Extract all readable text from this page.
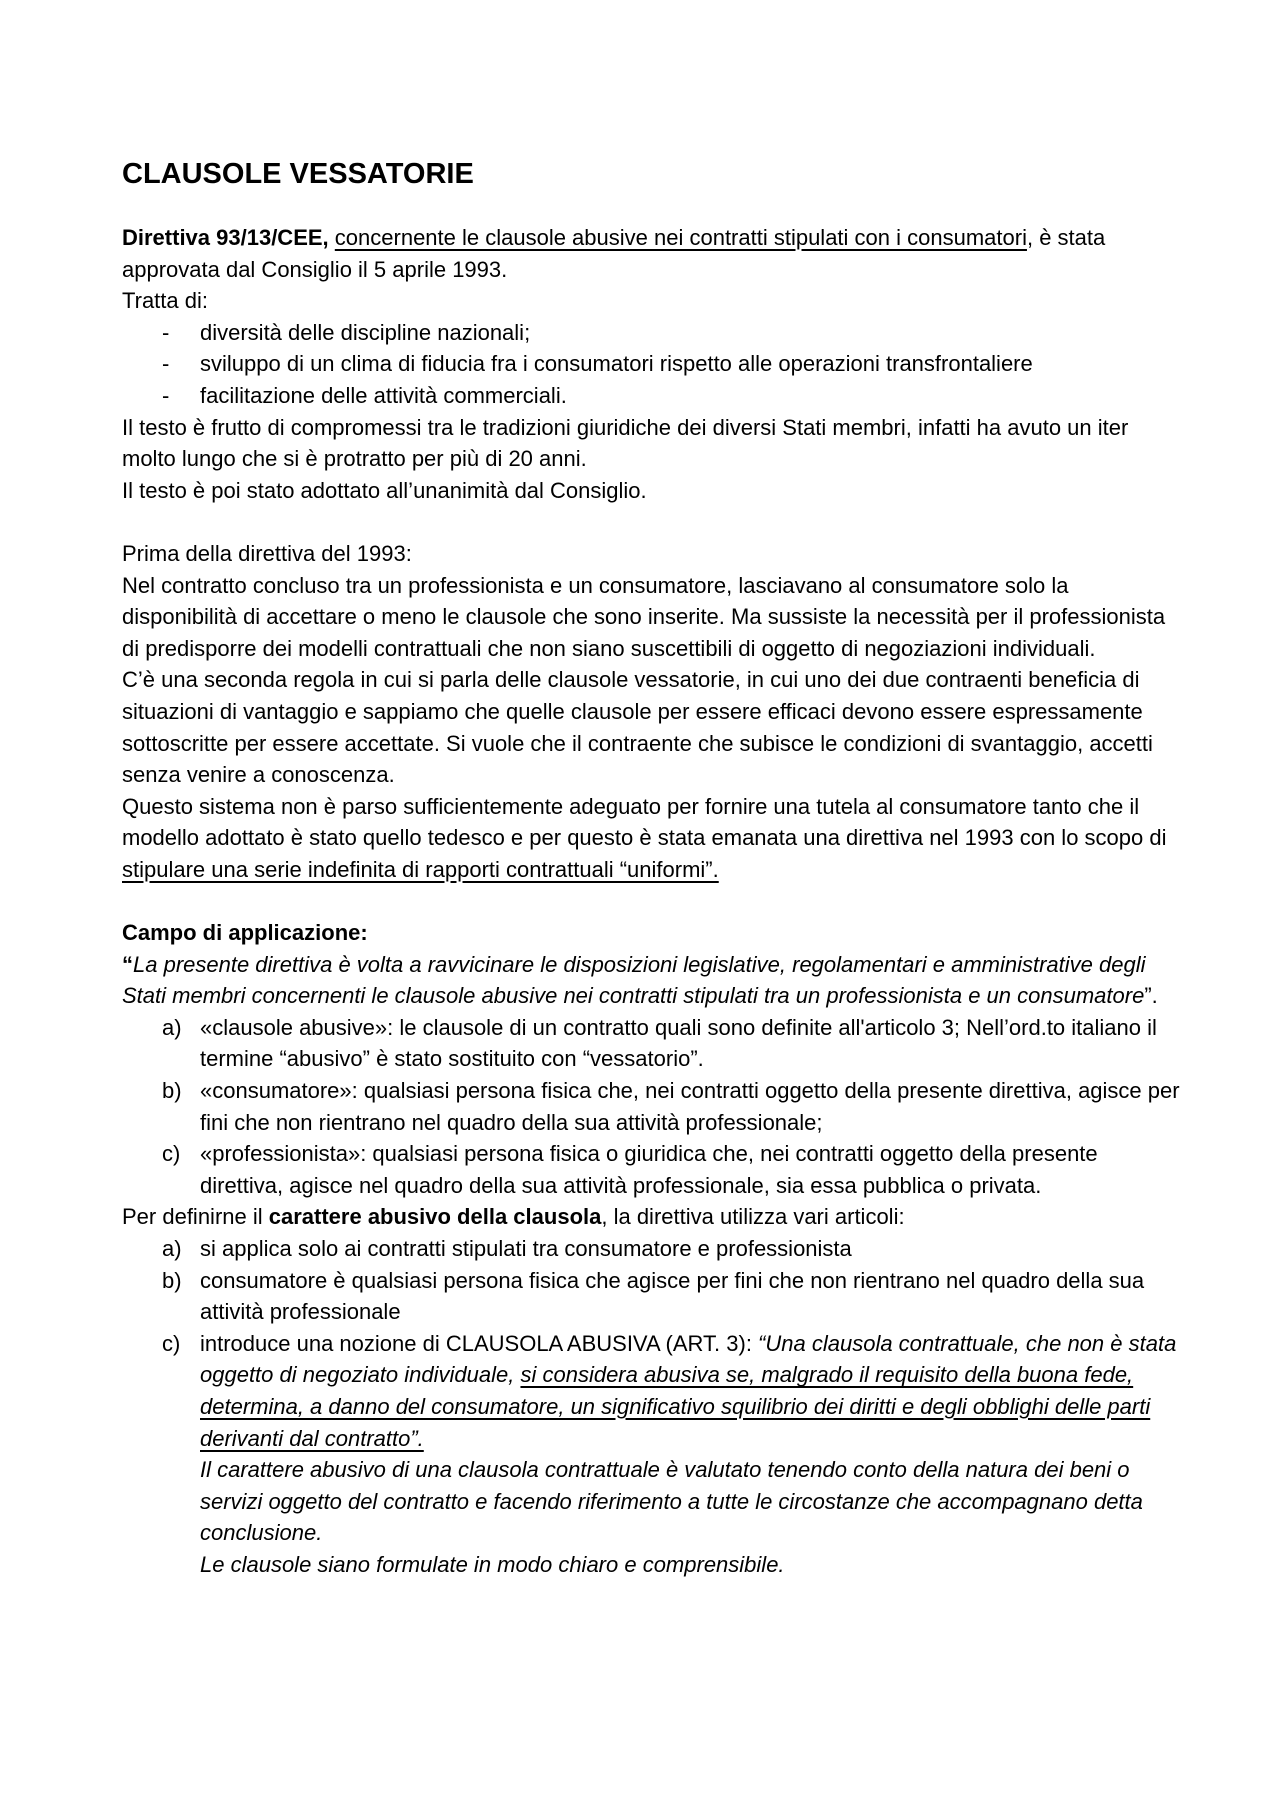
CLAUSOLE VESSATORIE

Direttiva 93/13/CEE, concernente le clausole abusive nei contratti stipulati con i consumatori, è stata approvata dal Consiglio il 5 aprile 1993.

Tratta di:

- diversità delle discipline nazionali;
- sviluppo di un clima di fiducia fra i consumatori rispetto alle operazioni transfrontaliere
- facilitazione delle attività commerciali.

Il testo è frutto di compromessi tra le tradizioni giuridiche dei diversi Stati membri, infatti ha avuto un iter molto lungo che si è protratto per più di 20 anni.

Il testo è poi stato adottato all’unanimità dal Consiglio.

Prima della direttiva del 1993:

Nel contratto concluso tra un professionista e un consumatore, lasciavano al consumatore solo la disponibilità di accettare o meno le clausole che sono inserite. Ma sussiste la necessità per il professionista di predisporre dei modelli contrattuali che non siano suscettibili di oggetto di negoziazioni individuali.

C’è una seconda regola in cui si parla delle clausole vessatorie, in cui uno dei due contraenti beneficia di situazioni di vantaggio e sappiamo che quelle clausole per essere efficaci devono essere espressamente sottoscritte per essere accettate. Si vuole che il contraente che subisce le condizioni di svantaggio, accetti senza venire a conoscenza.

Questo sistema non è parso sufficientemente adeguato per fornire una tutela al consumatore tanto che il modello adottato è stato quello tedesco e per questo è stata emanata una direttiva nel 1993 con lo scopo di stipulare una serie indefinita di rapporti contrattuali “uniformi”.

Campo di applicazione:

“La presente direttiva è volta a ravvicinare le disposizioni legislative, regolamentari e amministrative degli Stati membri concernenti le clausole abusive nei contratti stipulati tra un professionista e un consumatore”.

a) «clausole abusive»: le clausole di un contratto quali sono definite all'articolo 3; Nell’ord.to italiano il termine “abusivo” è stato sostituito con “vessatorio”.
b) «consumatore»: qualsiasi persona fisica che, nei contratti oggetto della presente direttiva, agisce per fini che non rientrano nel quadro della sua attività professionale;
c) «professionista»: qualsiasi persona fisica o giuridica che, nei contratti oggetto della presente direttiva, agisce nel quadro della sua attività professionale, sia essa pubblica o privata.

Per definirne il carattere abusivo della clausola, la direttiva utilizza vari articoli:

a) si applica solo ai contratti stipulati tra consumatore e professionista
b) consumatore è qualsiasi persona fisica che agisce per fini che non rientrano nel quadro della sua attività professionale
c) introduce una nozione di CLAUSOLA ABUSIVA (ART. 3): “Una clausola contrattuale, che non è stata oggetto di negoziato individuale, si considera abusiva se, malgrado il requisito della buona fede, determina, a danno del consumatore, un significativo squilibrio dei diritti e degli obblighi delle parti derivanti dal contratto”.
Il carattere abusivo di una clausola contrattuale è valutato tenendo conto della natura dei beni o servizi oggetto del contratto e facendo riferimento a tutte le circostanze che accompagnano detta conclusione.
Le clausole siano formulate in modo chiaro e comprensibile.
